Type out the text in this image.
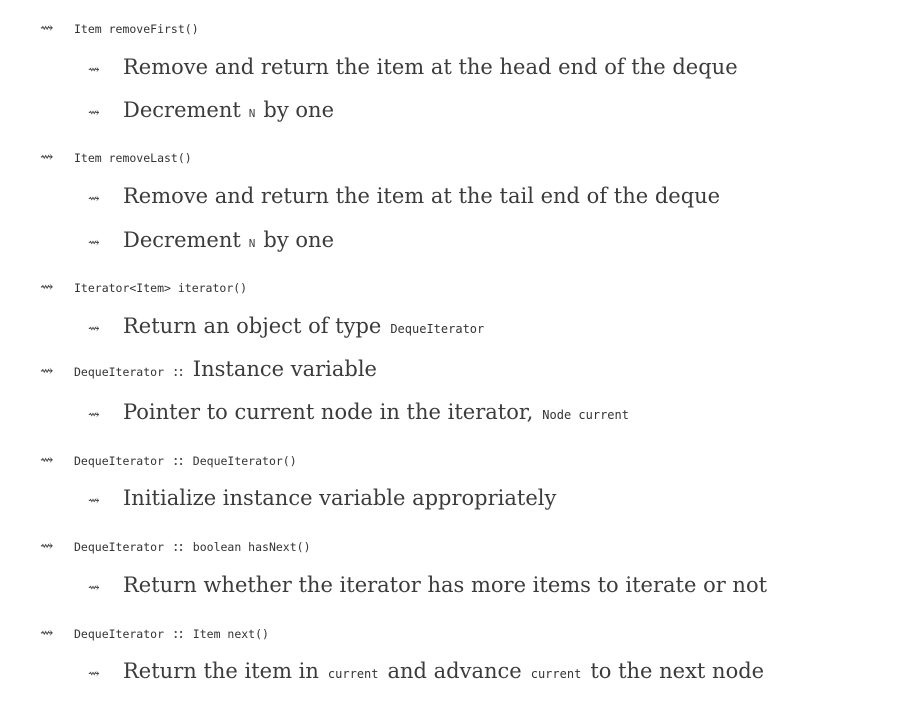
⇝	Item removeFirst()
⇝	Remove and return the item at the head end of the deque
⇝	Decrement N by one
⇝	Item removeLast()
⇝	Remove and return the item at the tail end of the deque
⇝	Decrement N by one
⇝	Iterator<Item> iterator()
⇝	Return an object of type DequeIterator
⇝	DequeIterator :: Instance variable
⇝	Pointer to current node in the iterator, Node current
⇝	DequeIterator :: DequeIterator()
⇝	Initialize instance variable appropriately
⇝	DequeIterator :: boolean hasNext()
⇝	Return whether the iterator has more items to iterate or not
⇝	DequeIterator :: Item next()
⇝	Return the item in current and advance current to the next node
